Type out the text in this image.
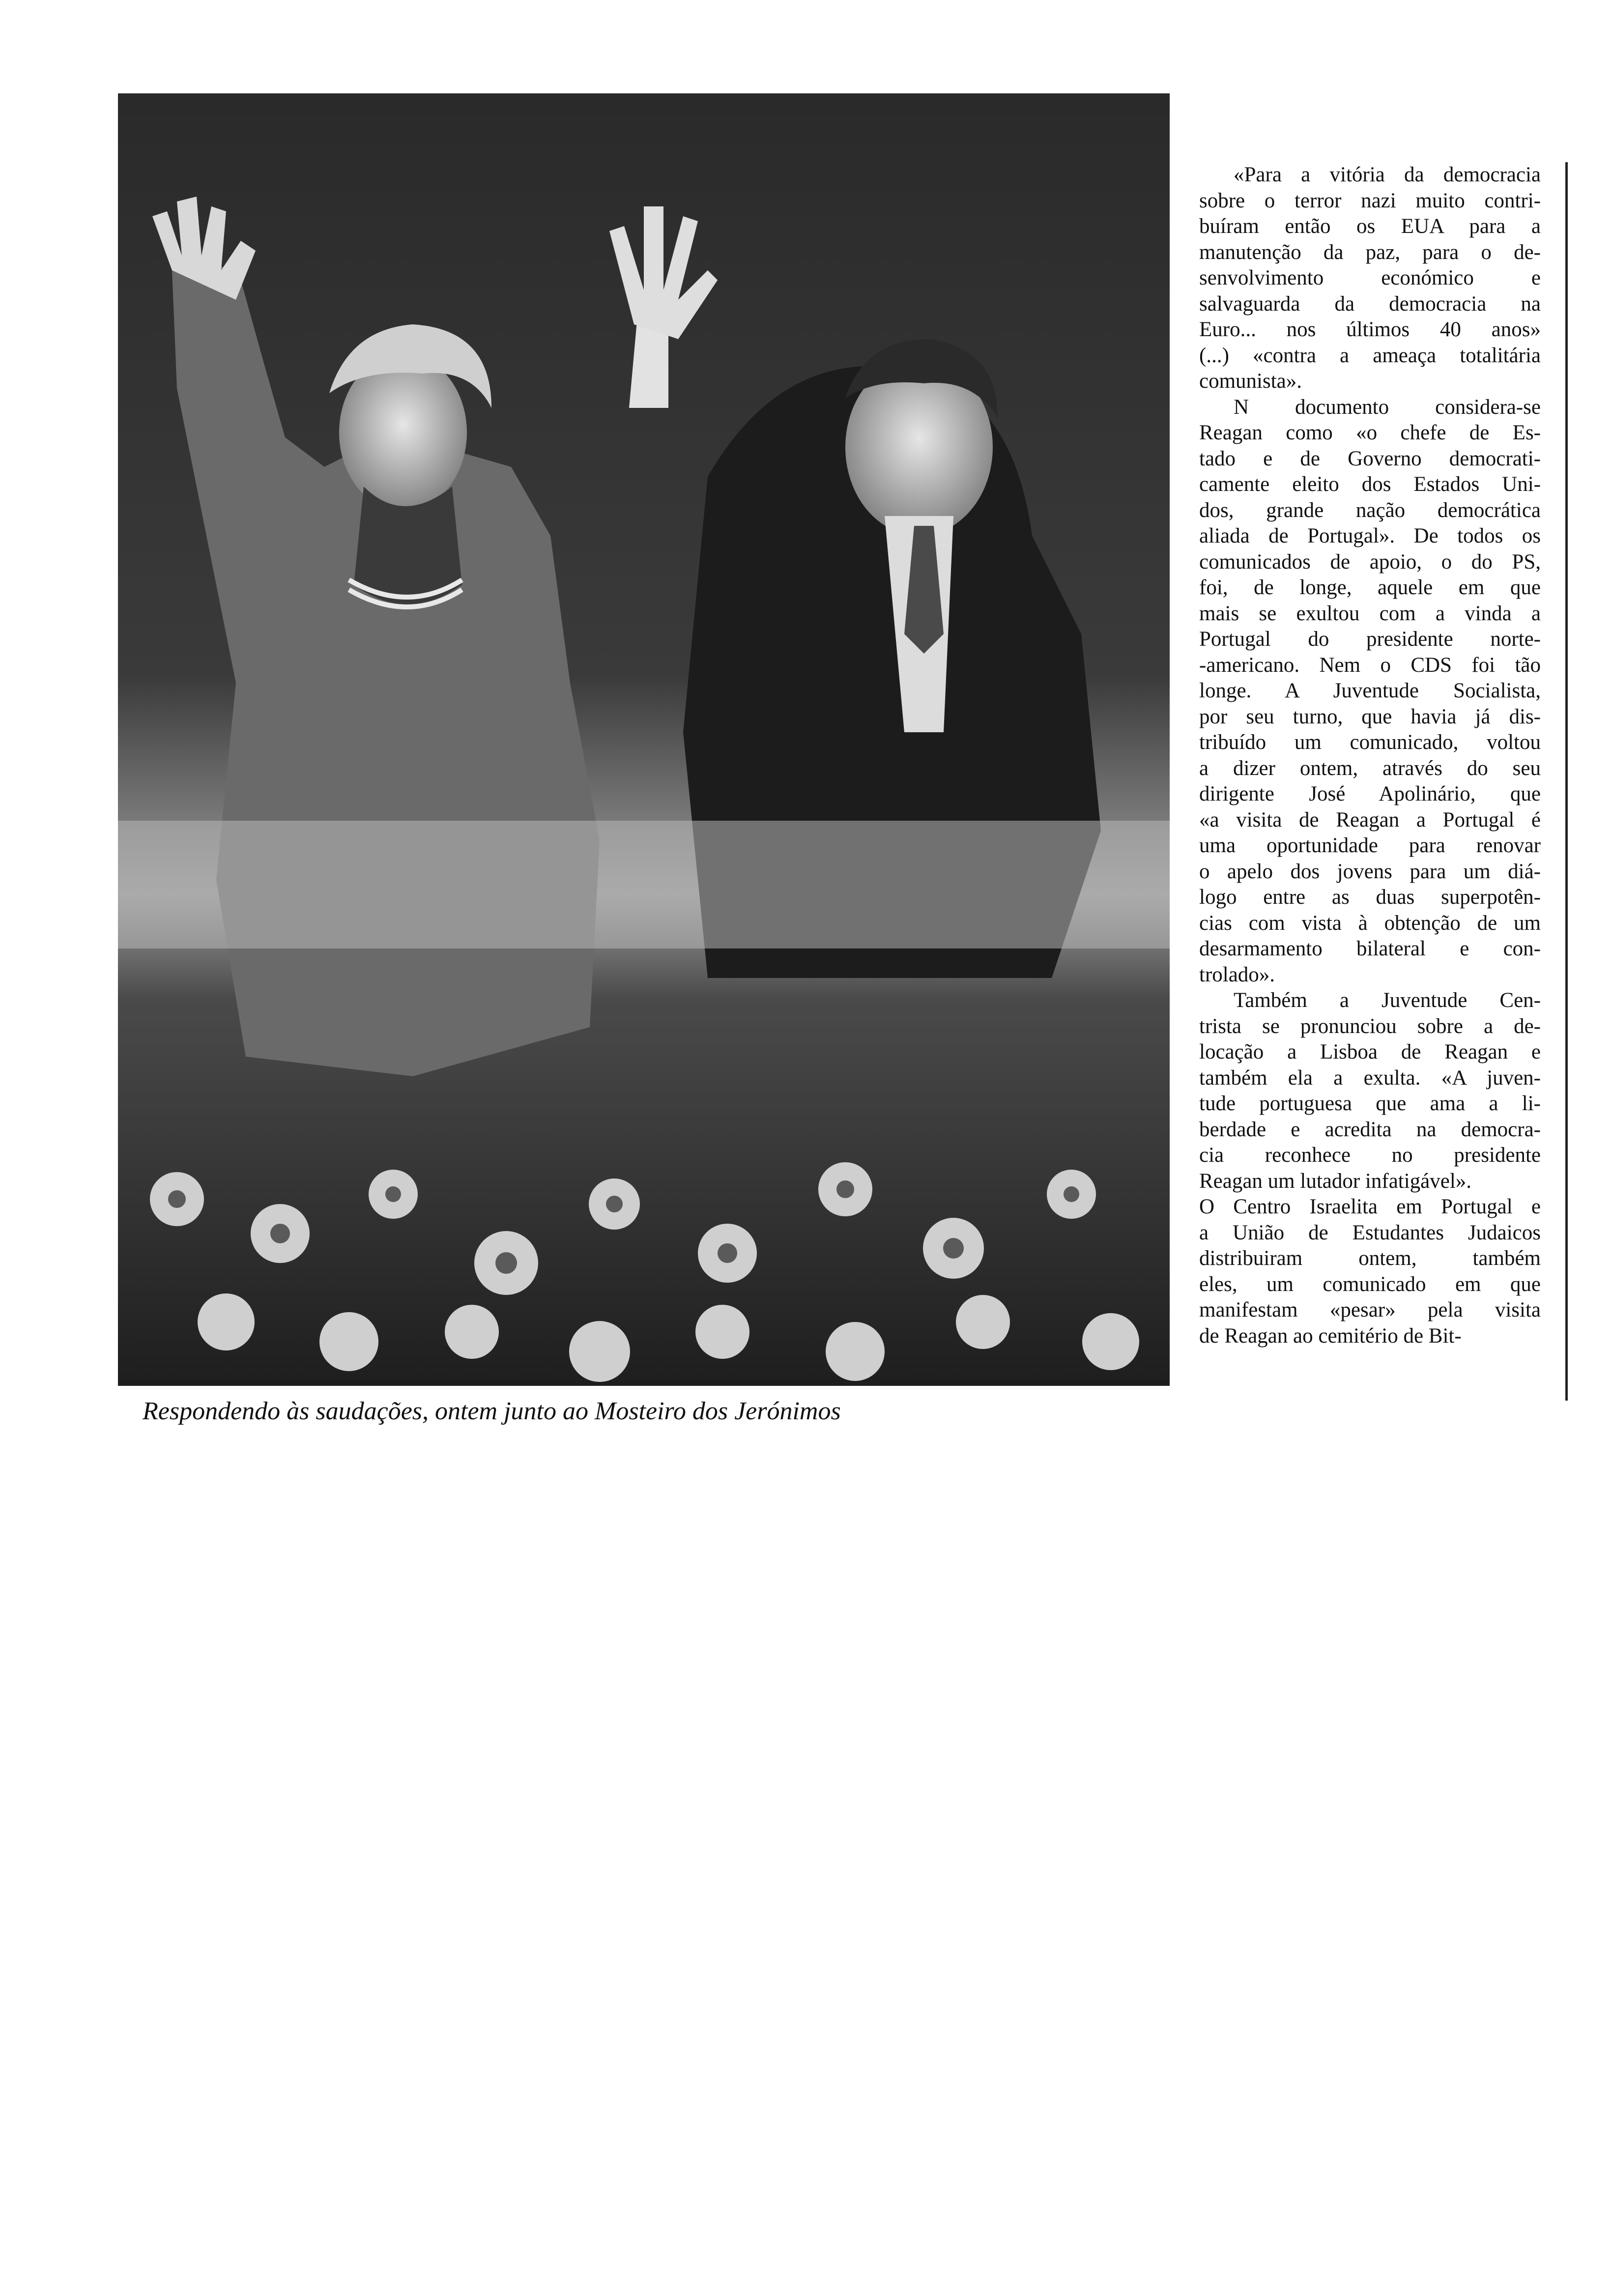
Respondendo às saudações, ontem junto ao Mosteiro dos Jerónimos
«Para a vitória da democracia
sobre o terror nazi muito contri-
buíram então os EUA para a
manutenção da paz, para o de-
senvolvimento económico e
salvaguarda da democracia na
Euro... nos últimos 40 anos»
(...) «contra a ameaça totalitária
comunista».
N documento considera-se
Reagan como «o chefe de Es-
tado e de Governo democrati-
camente eleito dos Estados Uni-
dos, grande nação democrática
aliada de Portugal». De todos os
comunicados de apoio, o do PS,
foi, de longe, aquele em que
mais se exultou com a vinda a
Portugal do presidente norte-
-americano. Nem o CDS foi tão
longe. A Juventude Socialista,
por seu turno, que havia já dis-
tribuído um comunicado, voltou
a dizer ontem, através do seu
dirigente José Apolinário, que
«a visita de Reagan a Portugal é
uma oportunidade para renovar
o apelo dos jovens para um diá-
logo entre as duas superpotên-
cias com vista à obtenção de um
desarmamento bilateral e con-
trolado».
Também a Juventude Cen-
trista se pronunciou sobre a de-
locação a Lisboa de Reagan e
também ela a exulta. «A juven-
tude portuguesa que ama a li-
berdade e acredita na democra-
cia reconhece no presidente
Reagan um lutador infatigável».
O Centro Israelita em Portugal e
a União de Estudantes Judaicos
distribuiram ontem, também
eles, um comunicado em que
manifestam «pesar» pela visita
de Reagan ao cemitério de Bit-
